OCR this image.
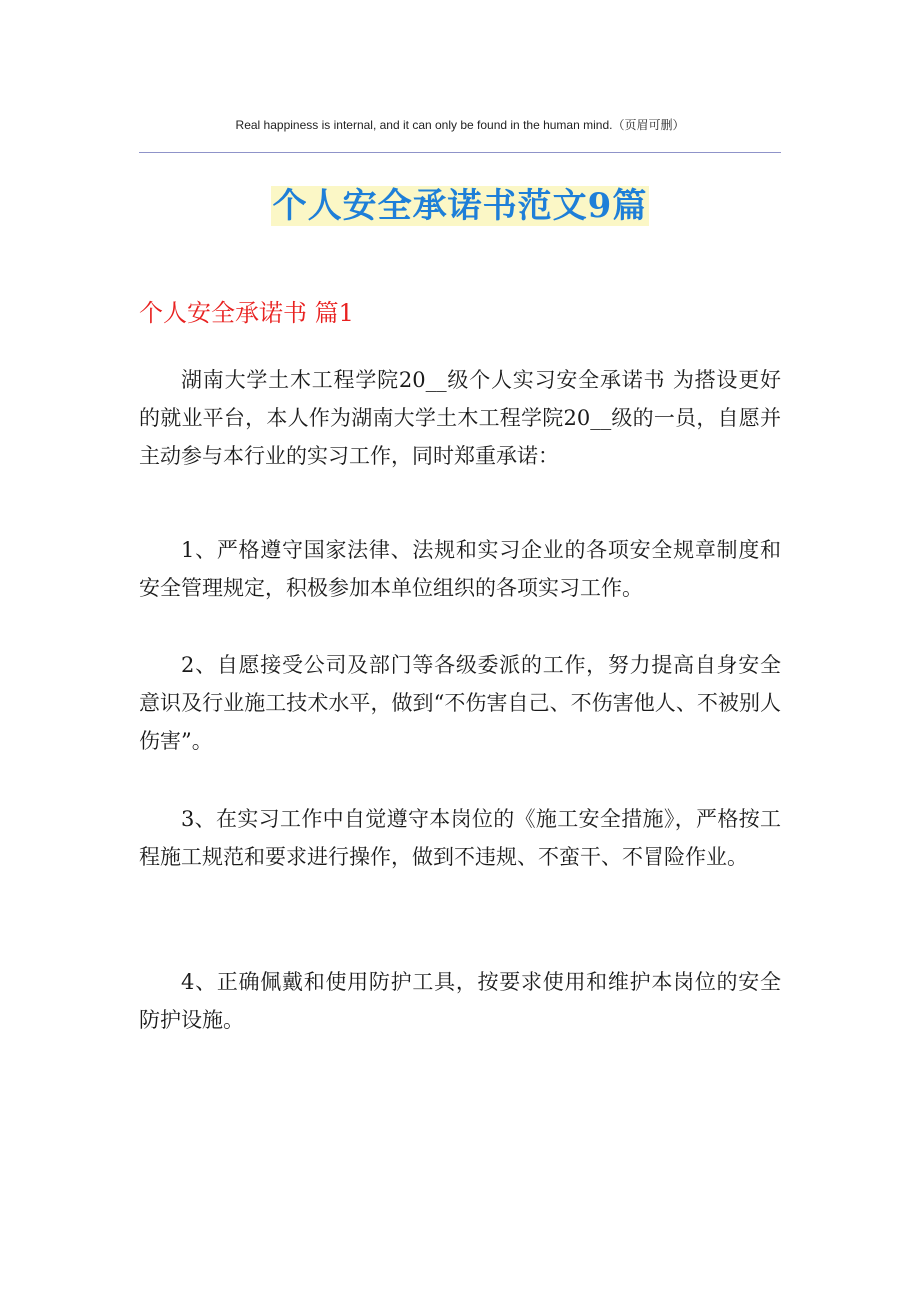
Real happiness is internal, and it can only be found in the human mind.（页眉可删）
个人安全承诺书范文9篇
个人安全承诺书 篇1

湖南大学土木工程学院20__级个人实习安全承诺书 为搭设更好的就业平台，本人作为湖南大学土木工程学院20__级的一员，自愿并主动参与本行业的实习工作，同时郑重承诺：

1、严格遵守国家法律、法规和实习企业的各项安全规章制度和安全管理规定，积极参加本单位组织的各项实习工作。

2、自愿接受公司及部门等各级委派的工作，努力提高自身安全意识及行业施工技术水平，做到“不伤害自己、不伤害他人、不被别人伤害”。

3、在实习工作中自觉遵守本岗位的《施工安全措施》，严格按工程施工规范和要求进行操作，做到不违规、不蛮干、不冒险作业。

4、正确佩戴和使用防护工具，按要求使用和维护本岗位的安全防护设施。
